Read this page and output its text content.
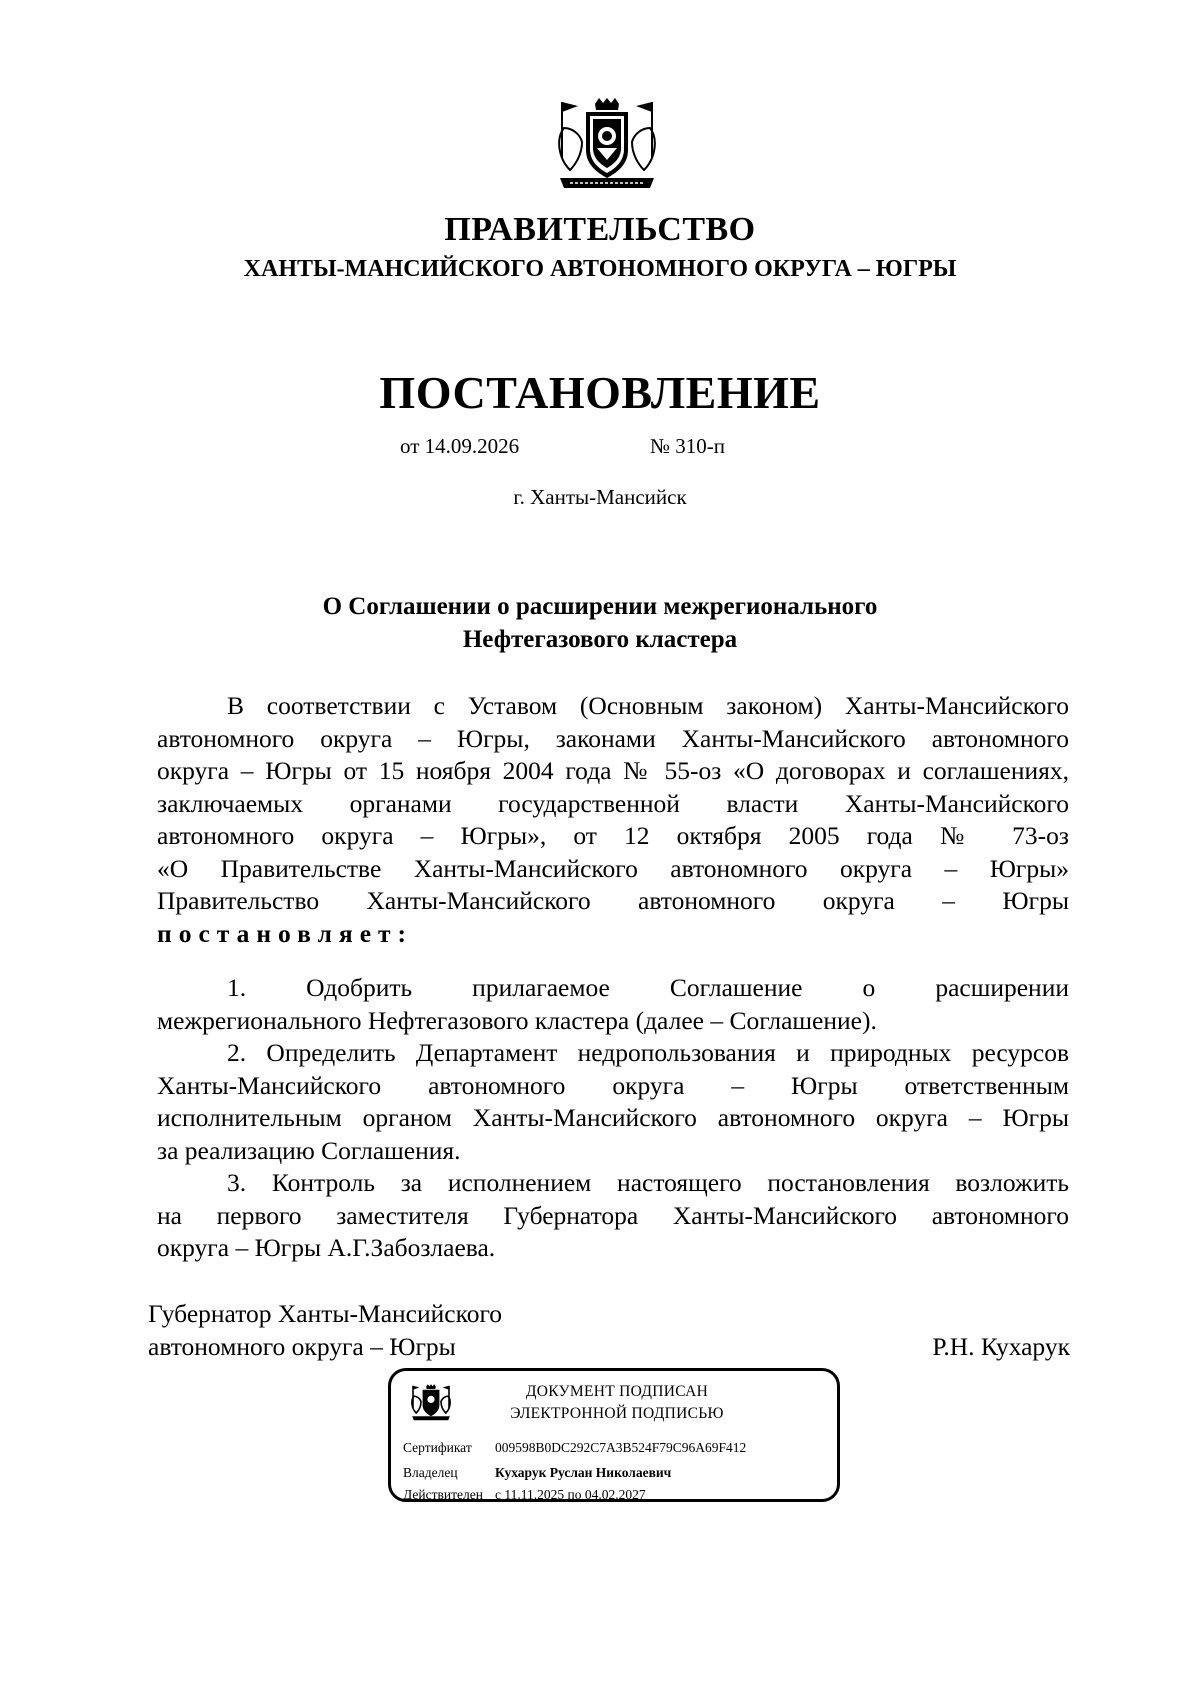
ПРАВИТЕЛЬСТВО
ХАНТЫ-МАНСИЙСКОГО АВТОНОМНОГО ОКРУГА – ЮГРЫ
ПОСТАНОВЛЕНИЕ
от 14.09.2026	№ 310-п
г. Ханты-Мансийск
О Соглашении о расширении межрегионального
Нефтегазового кластера
В соответствии с Уставом (Основным законом) Ханты-Мансийского
автономного округа – Югры, законами Ханты-Мансийского автономного
округа – Югры от 15 ноября 2004 года № 55-оз «О договорах и соглашениях,
заключаемых органами государственной власти Ханты-Мансийского
автономного округа – Югры», от 12 октября 2005 года № 73-оз
«О Правительстве Ханты-Мансийского автономного округа – Югры»
Правительство Ханты-Мансийского автономного округа – Югры
постановляет:
1. Одобрить прилагаемое Соглашение о расширении
межрегионального Нефтегазового кластера (далее – Соглашение).
2. Определить Департамент недропользования и природных ресурсов
Ханты-Мансийского автономного округа – Югры ответственным
исполнительным органом Ханты-Мансийского автономного округа – Югры
за реализацию Соглашения.
3. Контроль за исполнением настоящего постановления возложить
на первого заместителя Губернатора Ханты-Мансийского автономного
округа – Югры А.Г.Забозлаева.
Губернатор Ханты-Мансийского
автономного округа – Югры	Р.Н. Кухарук
ДОКУМЕНТ ПОДПИСАН
ЭЛЕКТРОННОЙ ПОДПИСЬЮ
Сертификат 009598B0DC292C7A3B524F79C96A69F412
Владелец	Кухарук Руслан Николаевич
Действителен с 11.11.2025 по 04.02.2027
